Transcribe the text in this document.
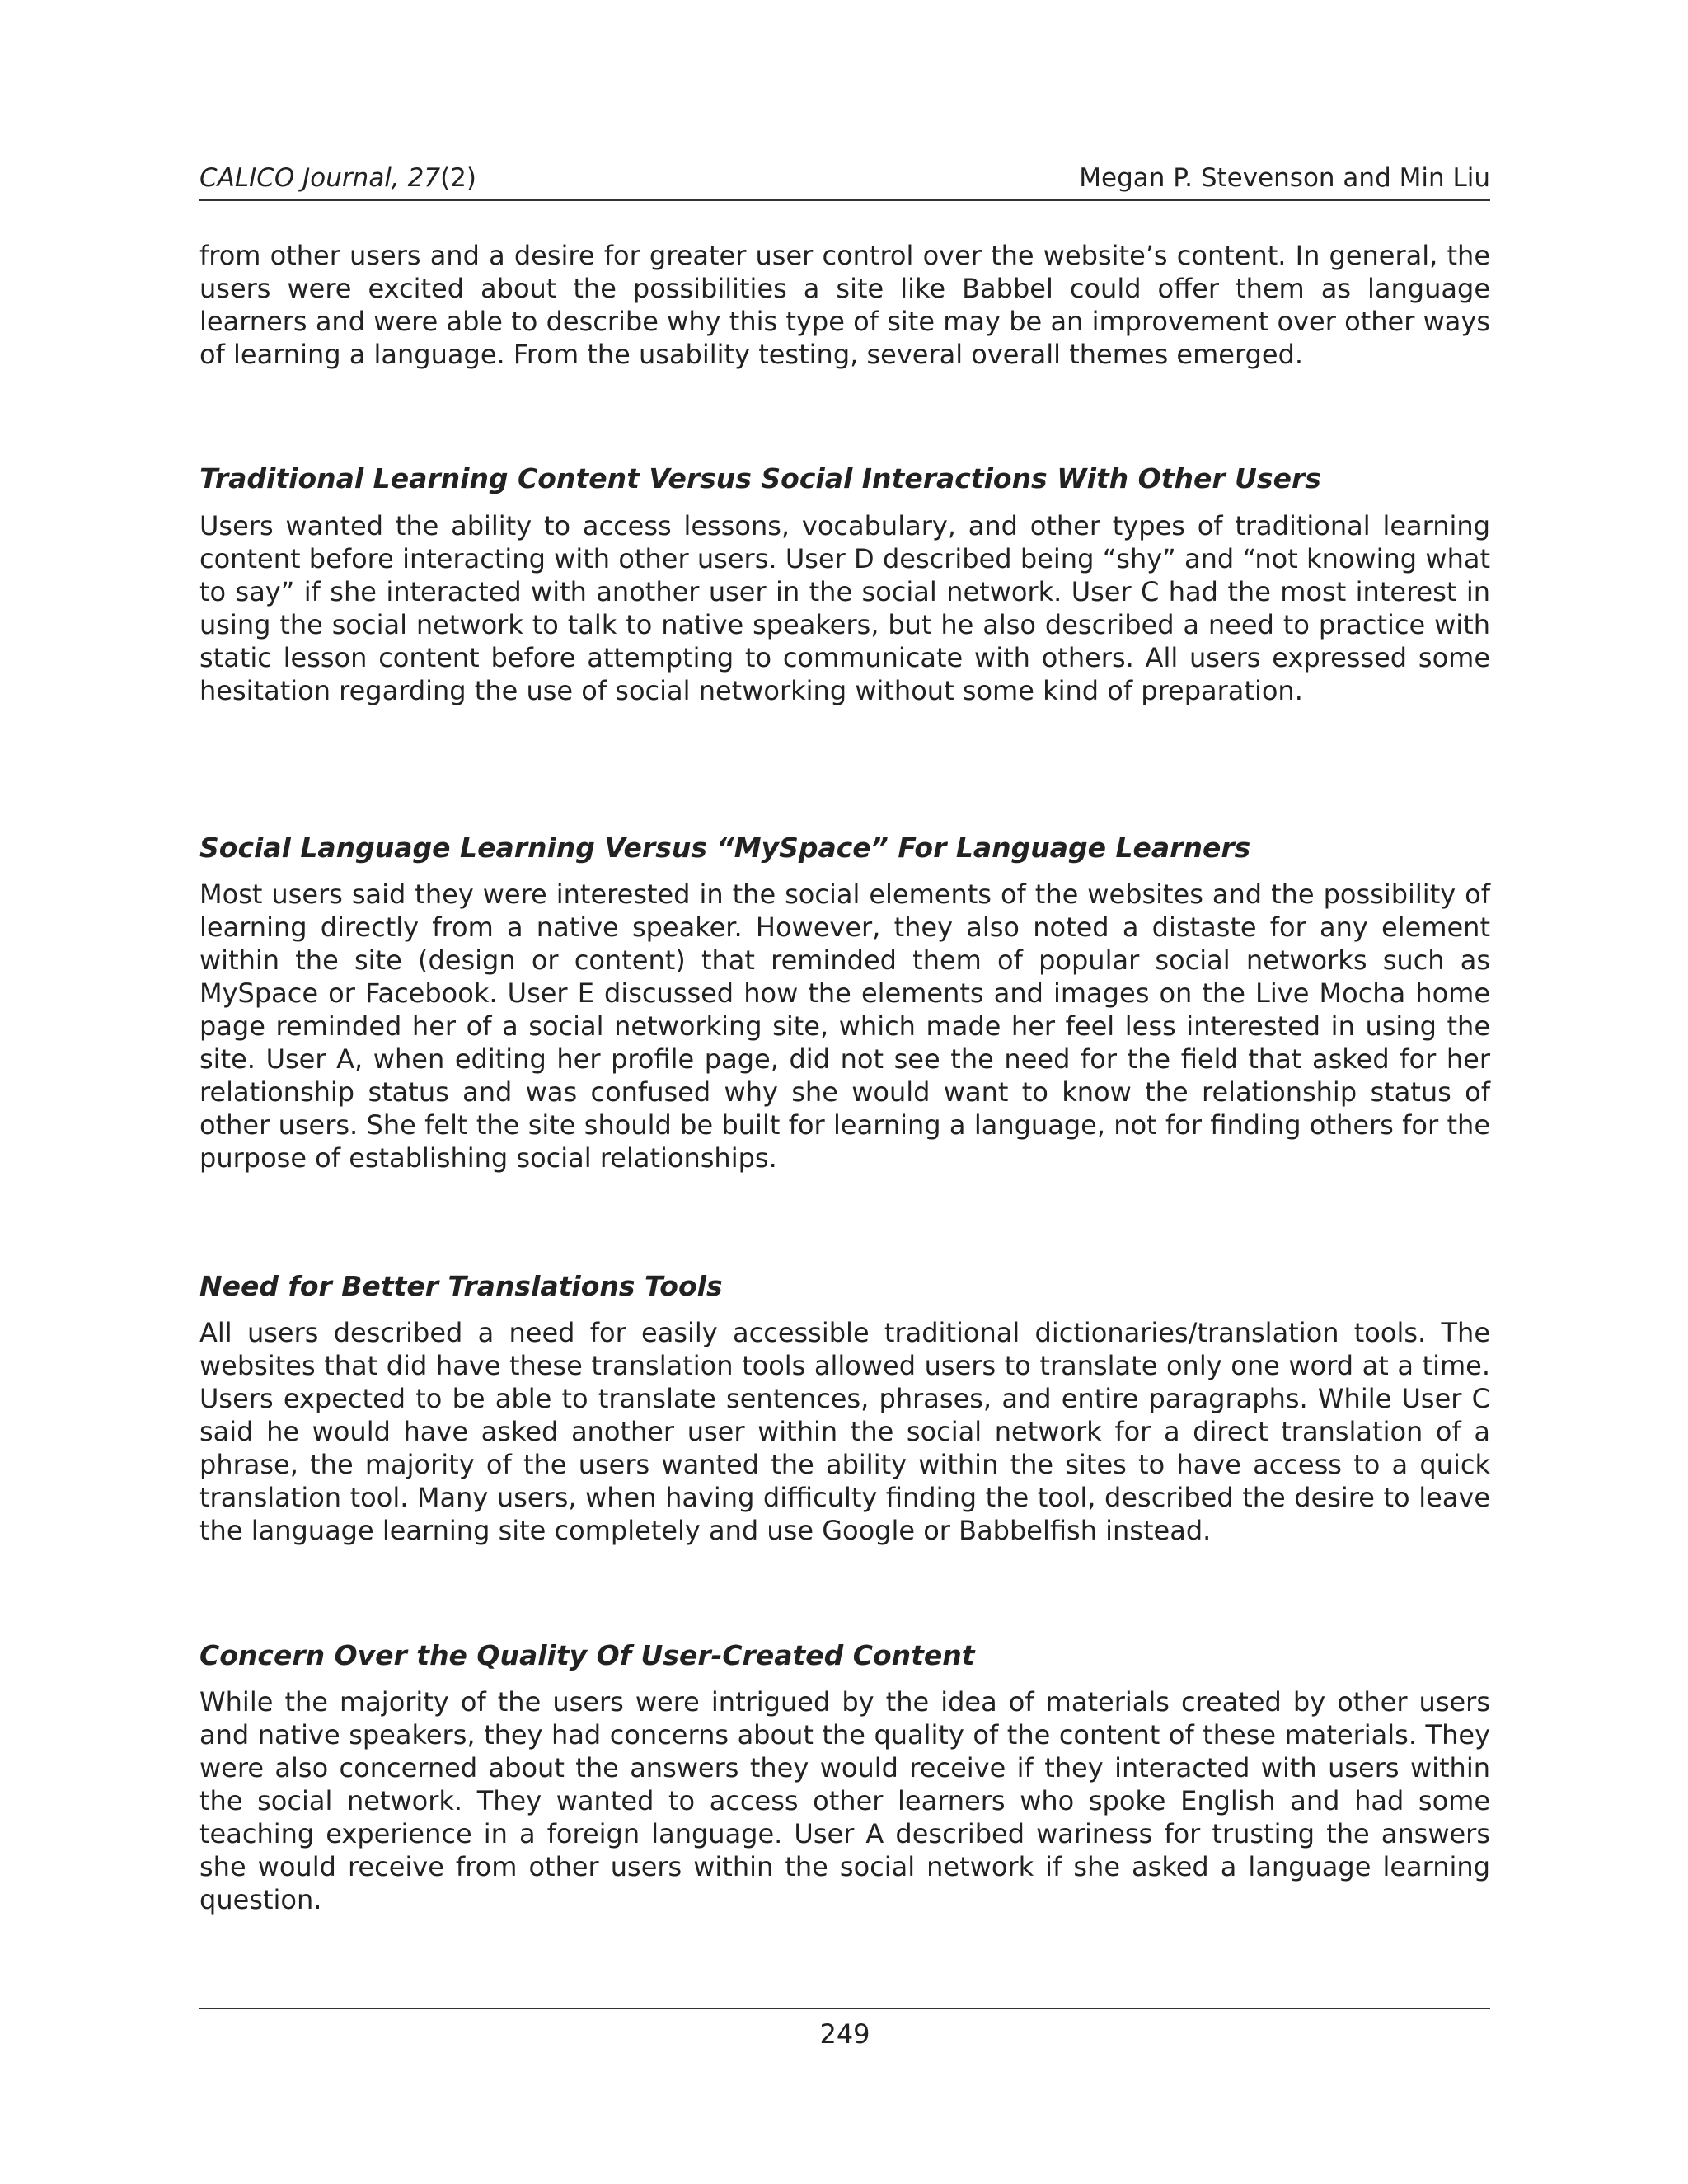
CALICO Journal, 27(2)	Megan P. Stevenson and Min Liu

from other users and a desire for greater user control over the website’s content. In general, the users were excited about the possibilities a site like Babbel could offer them as language learners and were able to describe why this type of site may be an improvement over other ways of learning a language. From the usability testing, several overall themes emerged.

Traditional Learning Content Versus Social Interactions With Other Users

Users wanted the ability to access lessons, vocabulary, and other types of traditional learning content before interacting with other users. User D described being “shy” and “not knowing what to say” if she interacted with another user in the social network. User C had the most interest in using the social network to talk to native speakers, but he also described a need to practice with static lesson content before attempting to communicate with others. All users expressed some hesitation regarding the use of social networking without some kind of preparation.

Social Language Learning Versus “MySpace” For Language Learners

Most users said they were interested in the social elements of the websites and the possibility of learning directly from a native speaker. However, they also noted a distaste for any element within the site (design or content) that reminded them of popular social networks such as MySpace or Facebook. User E discussed how the elements and images on the Live Mocha home page reminded her of a social networking site, which made her feel less interested in using the site. User A, when editing her profile page, did not see the need for the field that asked for her relationship status and was confused why she would want to know the relationship status of other users. She felt the site should be built for learning a language, not for finding others for the purpose of establishing social relationships.

Need for Better Translations Tools

All users described a need for easily accessible traditional dictionaries/translation tools. The websites that did have these translation tools allowed users to translate only one word at a time. Users expected to be able to translate sentences, phrases, and entire paragraphs. While User C said he would have asked another user within the social network for a direct translation of a phrase, the majority of the users wanted the ability within the sites to have access to a quick translation tool. Many users, when having difficulty finding the tool, described the desire to leave the language learning site completely and use Google or Babbelfish instead.

Concern Over the Quality Of User-Created Content

While the majority of the users were intrigued by the idea of materials created by other users and native speakers, they had concerns about the quality of the content of these materials. They were also concerned about the answers they would receive if they interacted with users within the social network. They wanted to access other learners who spoke English and had some teaching experience in a foreign language. User A described wariness for trusting the answers she would receive from other users within the social network if she asked a language learning question.

249
